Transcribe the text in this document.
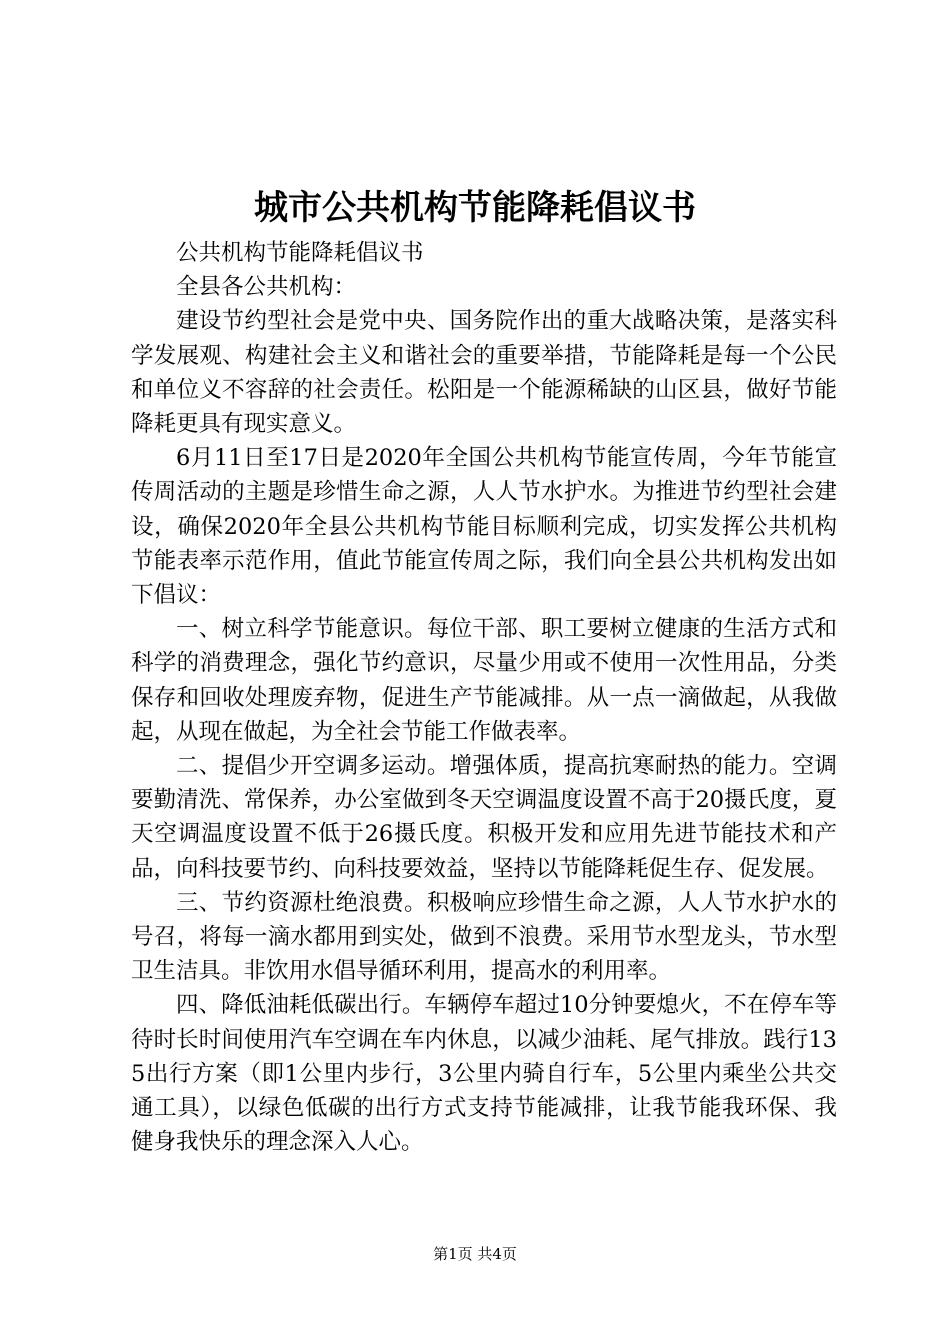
城市公共机构节能降耗倡议书

公共机构节能降耗倡议书

全县各公共机构：

建设节约型社会是党中央、国务院作出的重大战略决策，是落实科学发展观、构建社会主义和谐社会的重要举措，节能降耗是每一个公民和单位义不容辞的社会责任。松阳是一个能源稀缺的山区县，做好节能降耗更具有现实意义。

6月11日至17日是2020年全国公共机构节能宣传周，今年节能宣传周活动的主题是珍惜生命之源，人人节水护水。为推进节约型社会建设，确保2020年全县公共机构节能目标顺利完成，切实发挥公共机构节能表率示范作用，值此节能宣传周之际，我们向全县公共机构发出如下倡议：

一、树立科学节能意识。每位干部、职工要树立健康的生活方式和科学的消费理念，强化节约意识，尽量少用或不使用一次性用品，分类保存和回收处理废弃物，促进生产节能减排。从一点一滴做起，从我做起，从现在做起，为全社会节能工作做表率。

二、提倡少开空调多运动。增强体质，提高抗寒耐热的能力。空调要勤清洗、常保养，办公室做到冬天空调温度设置不高于20摄氏度，夏天空调温度设置不低于26摄氏度。积极开发和应用先进节能技术和产品，向科技要节约、向科技要效益，坚持以节能降耗促生存、促发展。

三、节约资源杜绝浪费。积极响应珍惜生命之源，人人节水护水的号召，将每一滴水都用到实处，做到不浪费。采用节水型龙头，节水型卫生洁具。非饮用水倡导循环利用，提高水的利用率。

四、降低油耗低碳出行。车辆停车超过10分钟要熄火，不在停车等待时长时间使用汽车空调在车内休息，以减少油耗、尾气排放。践行135出行方案（即1公里内步行，3公里内骑自行车，5公里内乘坐公共交通工具），以绿色低碳的出行方式支持节能减排，让我节能我环保、我健身我快乐的理念深入人心。

第1页 共4页
